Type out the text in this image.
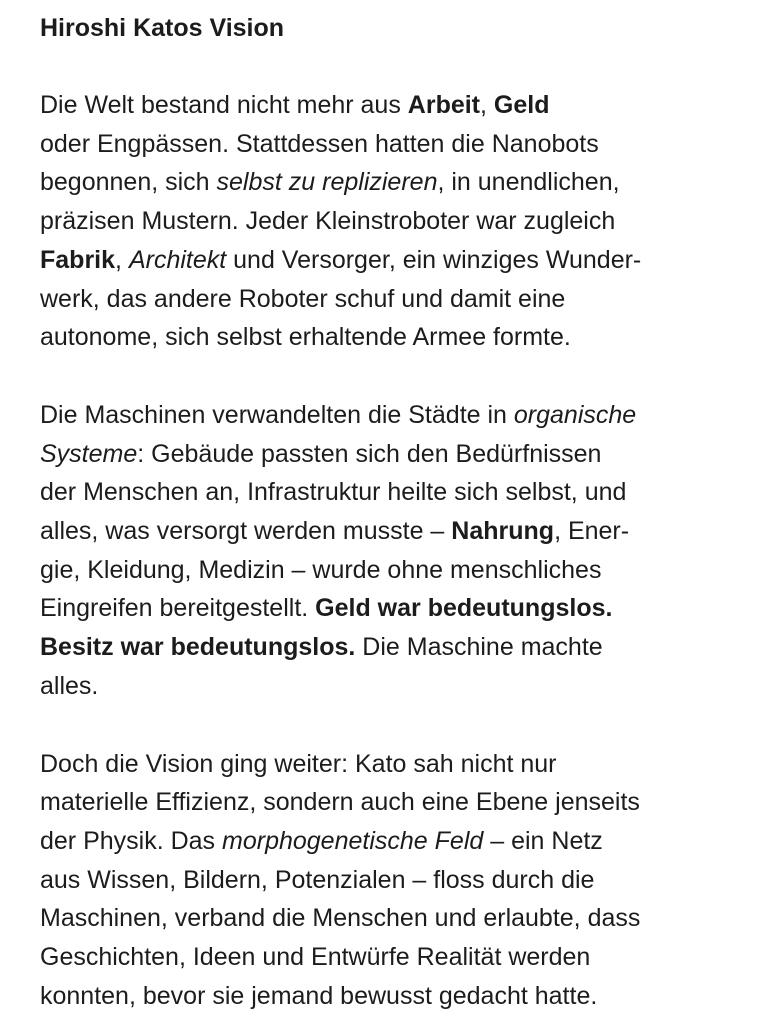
Hiroshi Katos Vision
Die Welt bestand nicht mehr aus Arbeit, Geld
oder Engpässen. Stattdessen hatten die Nanobots
begonnen, sich selbst zu replizieren, in unendlichen,
präzisen Mustern. Jeder Kleinstroboter war zugleich
Fabrik, Architekt und Versorger, ein winziges Wunder-
werk, das andere Roboter schuf und damit eine
autonome, sich selbst erhaltende Armee formte.
Die Maschinen verwandelten die Städte in organische
Systeme: Gebäude passten sich den Bedürfnissen
der Menschen an, Infrastruktur heilte sich selbst, und
alles, was versorgt werden musste – Nahrung, Ener-
gie, Kleidung, Medizin – wurde ohne menschliches
Eingreifen bereitgestellt. Geld war bedeutungslos.
Besitz war bedeutungslos. Die Maschine machte
alles.
Doch die Vision ging weiter: Kato sah nicht nur
materielle Effizienz, sondern auch eine Ebene jenseits
der Physik. Das morphogenetische Feld – ein Netz
aus Wissen, Bildern, Potenzialen – floss durch die
Maschinen, verband die Menschen und erlaubte, dass
Geschichten, Ideen und Entwürfe Realität werden
konnten, bevor sie jemand bewusst gedacht hatte.
